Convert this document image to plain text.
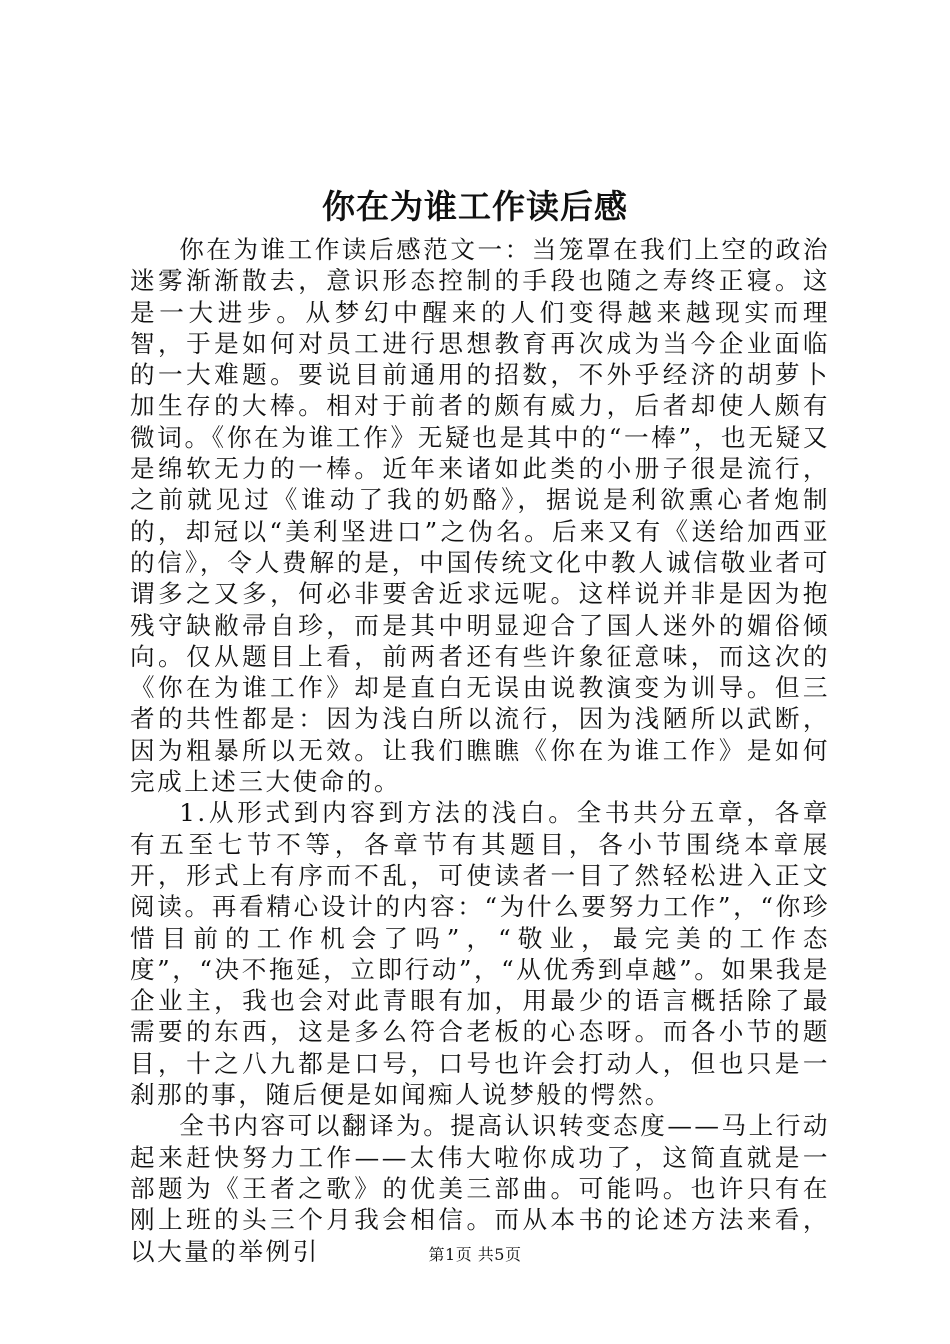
你在为谁工作读后感

你在为谁工作读后感范文一：当笼罩在我们上空的政治迷雾渐渐散去，意识形态控制的手段也随之寿终正寝。这是一大进步。从梦幻中醒来的人们变得越来越现实而理智，于是如何对员工进行思想教育再次成为当今企业面临的一大难题。要说目前通用的招数，不外乎经济的胡萝卜加生存的大棒。相对于前者的颇有威力，后者却使人颇有微词。《你在为谁工作》无疑也是其中的“一棒”，也无疑又是绵软无力的一棒。近年来诸如此类的小册子很是流行，之前就见过《谁动了我的奶酪》，据说是利欲熏心者炮制的，却冠以“美利坚进口”之伪名。后来又有《送给加西亚的信》，令人费解的是，中国传统文化中教人诚信敬业者可谓多之又多，何必非要舍近求远呢。这样说并非是因为抱残守缺敝帚自珍，而是其中明显迎合了国人迷外的媚俗倾向。仅从题目上看，前两者还有些许象征意味，而这次的《你在为谁工作》却是直白无误由说教演变为训导。但三者的共性都是：因为浅白所以流行，因为浅陋所以武断，因为粗暴所以无效。让我们瞧瞧《你在为谁工作》是如何完成上述三大使命的。

1.从形式到内容到方法的浅白。全书共分五章，各章有五至七节不等，各章节有其题目，各小节围绕本章展开，形式上有序而不乱，可使读者一目了然轻松进入正文阅读。再看精心设计的内容：“为什么要努力工作”，“你珍惜目前的工作机会了吗”，“敬业，最完美的工作态度”，“决不拖延，立即行动”，“从优秀到卓越”。如果我是企业主，我也会对此青眼有加，用最少的语言概括除了最需要的东西，这是多么符合老板的心态呀。而各小节的题目，十之八九都是口号，口号也许会打动人，但也只是一刹那的事，随后便是如闻痴人说梦般的愕然。

全书内容可以翻译为。提高认识转变态度——马上行动起来赶快努力工作——太伟大啦你成功了，这简直就是一部题为《王者之歌》的优美三部曲。可能吗。也许只有在刚上班的头三个月我会相信。而从本书的论述方法来看，以大量的举例引	第1页 共5页
